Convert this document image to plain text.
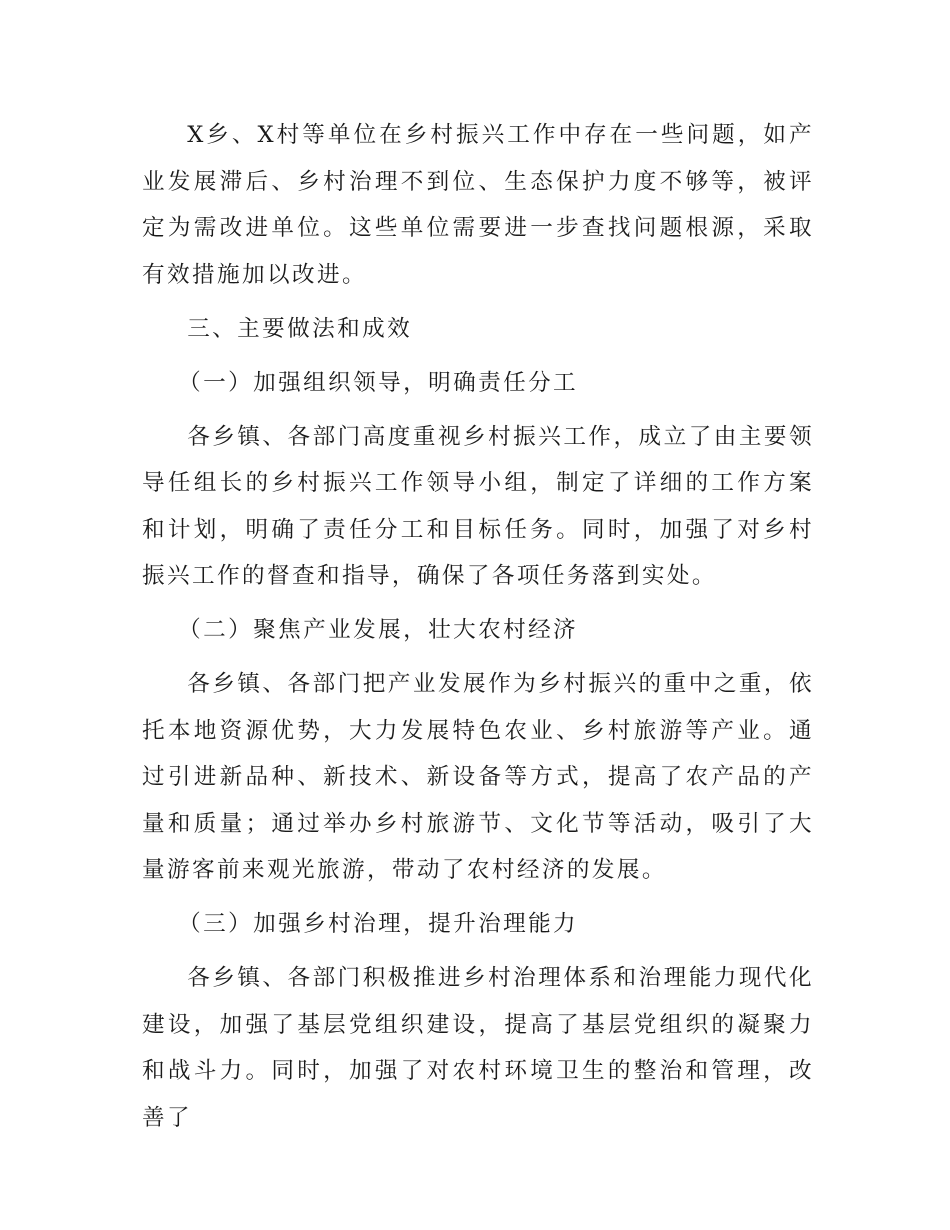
X乡、X村等单位在乡村振兴工作中存在一些问题，如产业发展滞后、乡村治理不到位、生态保护力度不够等，被评定为需改进单位。这些单位需要进一步查找问题根源，采取有效措施加以改进。

三、主要做法和成效

（一）加强组织领导，明确责任分工

各乡镇、各部门高度重视乡村振兴工作，成立了由主要领导任组长的乡村振兴工作领导小组，制定了详细的工作方案和计划，明确了责任分工和目标任务。同时，加强了对乡村振兴工作的督查和指导，确保了各项任务落到实处。

（二）聚焦产业发展，壮大农村经济

各乡镇、各部门把产业发展作为乡村振兴的重中之重，依托本地资源优势，大力发展特色农业、乡村旅游等产业。通过引进新品种、新技术、新设备等方式，提高了农产品的产量和质量；通过举办乡村旅游节、文化节等活动，吸引了大量游客前来观光旅游，带动了农村经济的发展。

（三）加强乡村治理，提升治理能力

各乡镇、各部门积极推进乡村治理体系和治理能力现代化建设，加强了基层党组织建设，提高了基层党组织的凝聚力和战斗力。同时，加强了对农村环境卫生的整治和管理，改善了
